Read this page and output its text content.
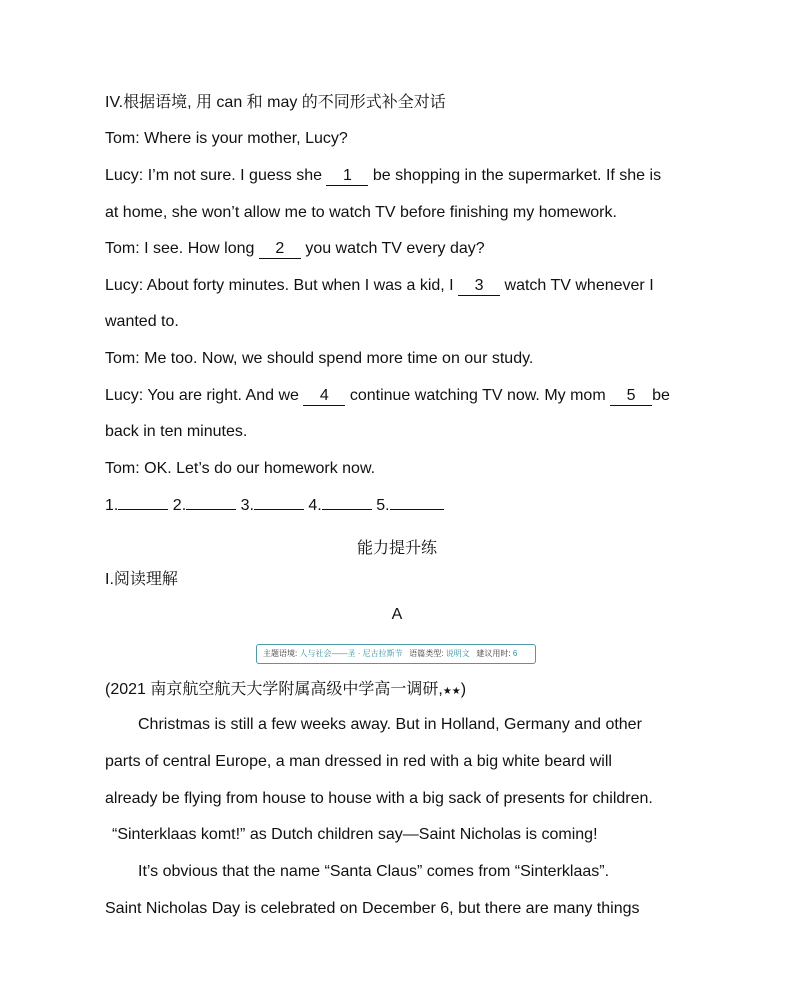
IV.根据语境, 用 can 和 may 的不同形式补全对话
Tom: Where is your mother, Lucy?
Lucy: I’m not sure. I guess she 1 be shopping in the supermarket. If she is
at home, she won’t allow me to watch TV before finishing my homework.
Tom: I see. How long 2 you watch TV every day?
Lucy: About forty minutes. But when I was a kid, I 3 watch TV whenever I
wanted to.
Tom: Me too. Now, we should spend more time on our study.
Lucy: You are right. And we 4 continue watching TV now. My mom 5 be
back in ten minutes.
Tom: OK. Let’s do our homework now.
1.	2.	3.	4.	5.
能力提升练
I.阅读理解
A
主题语境: 人与社会——圣 · 尼古拉斯节 语篇类型: 说明文 建议用时: 6
(2021 南京航空航天大学附属高级中学高一调研,★★)
Christmas is still a few weeks away. But in Holland, Germany and other
parts of central Europe, a man dressed in red with a big white beard will
already be flying from house to house with a big sack of presents for children.
“Sinterklaas komt!” as Dutch children say—Saint Nicholas is coming!
It’s obvious that the name “Santa Claus” comes from “Sinterklaas”.
Saint Nicholas Day is celebrated on December 6, but there are many things
